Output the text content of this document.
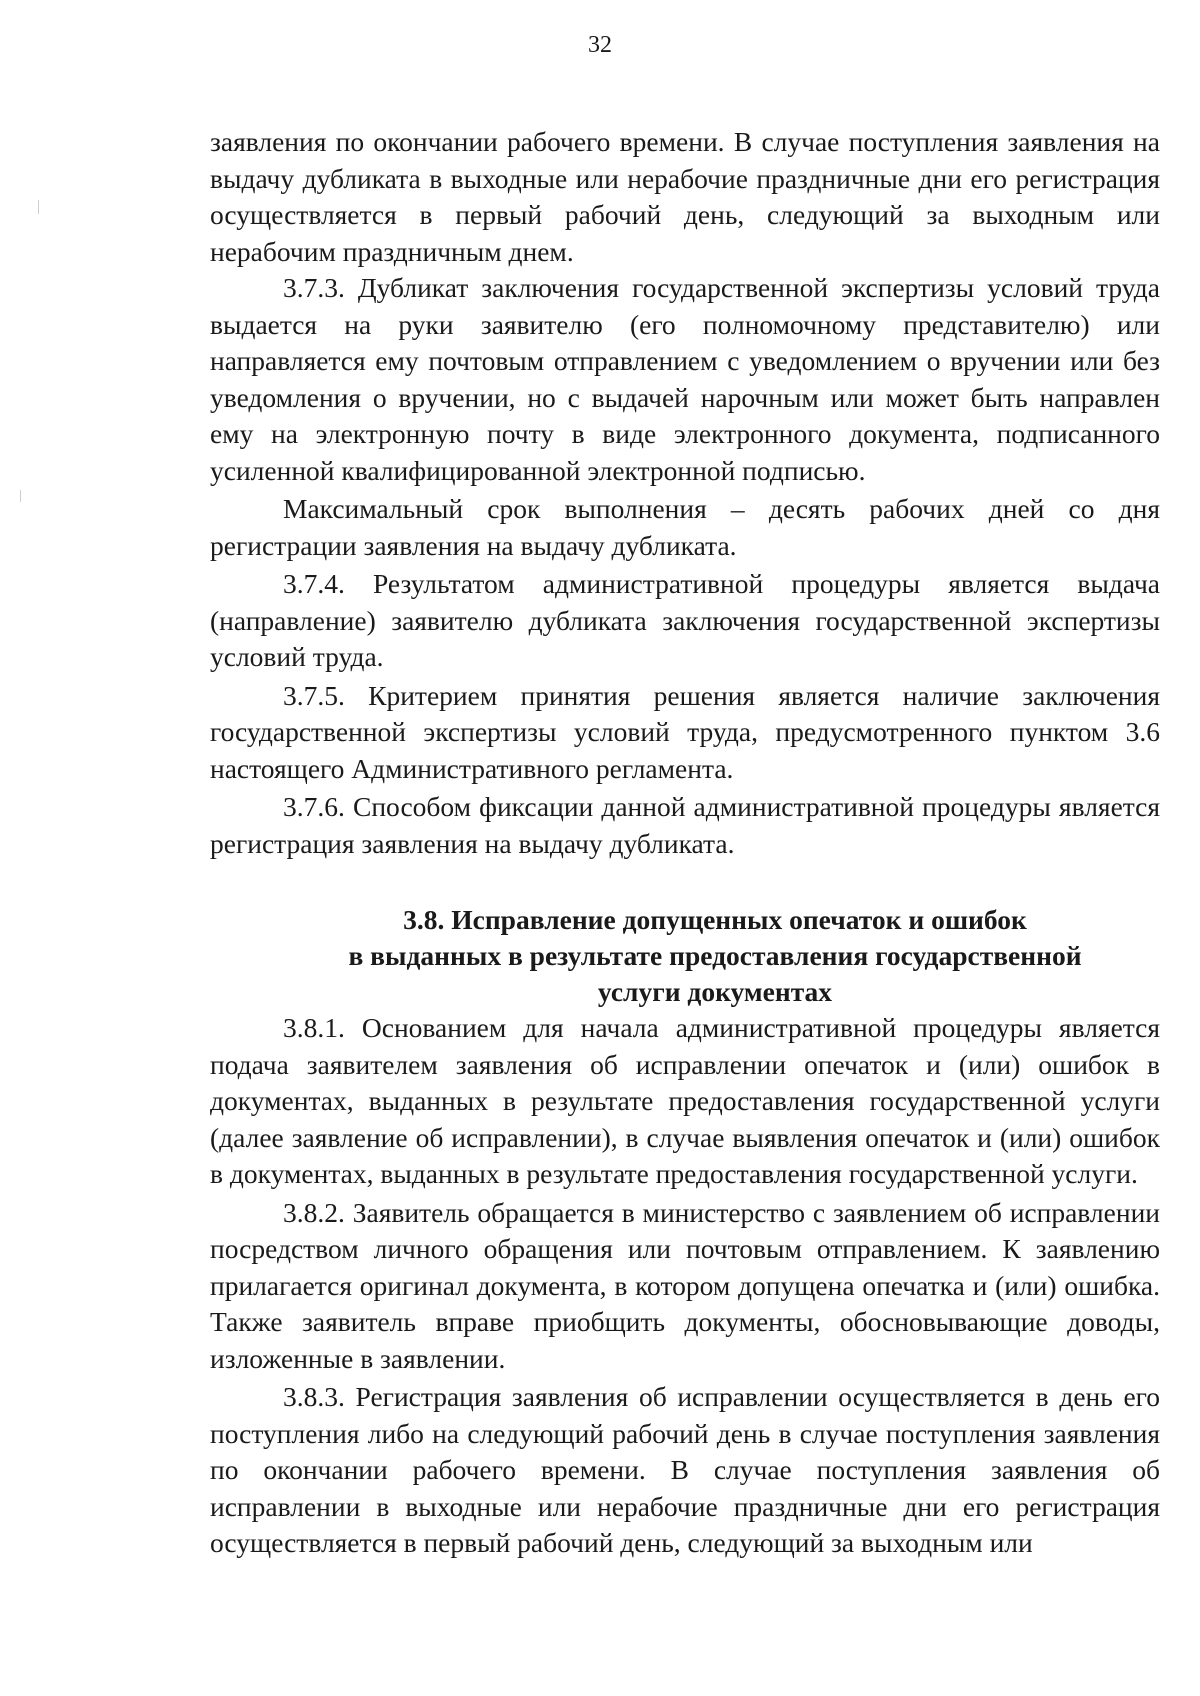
32

заявления по окончании рабочего времени. В случае поступления заявления на выдачу дубликата в выходные или нерабочие праздничные дни его регистрация осуществляется в первый рабочий день, следующий за выходным или нерабочим праздничным днем.

3.7.3. Дубликат заключения государственной экспертизы условий труда выдается на руки заявителю (его полномочному представителю) или направляется ему почтовым отправлением с уведомлением о вручении или без уведомления о вручении, но с выдачей нарочным или может быть направлен ему на электронную почту в виде электронного документа, подписанного усиленной квалифицированной электронной подписью.

Максимальный срок выполнения – десять рабочих дней со дня регистрации заявления на выдачу дубликата.

3.7.4. Результатом административной процедуры является выдача (направление) заявителю дубликата заключения государственной экспертизы условий труда.

3.7.5. Критерием принятия решения является наличие заключения государственной экспертизы условий труда, предусмотренного пунктом 3.6 настоящего Административного регламента.

3.7.6. Способом фиксации данной административной процедуры является регистрация заявления на выдачу дубликата.

3.8. Исправление допущенных опечаток и ошибок
в выданных в результате предоставления государственной
услуги документах

3.8.1. Основанием для начала административной процедуры является подача заявителем заявления об исправлении опечаток и (или) ошибок в документах, выданных в результате предоставления государственной услуги (далее заявление об исправлении), в случае выявления опечаток и (или) ошибок в документах, выданных в результате предоставления государственной услуги.

3.8.2. Заявитель обращается в министерство с заявлением об исправлении посредством личного обращения или почтовым отправлением. К заявлению прилагается оригинал документа, в котором допущена опечатка и (или) ошибка. Также заявитель вправе приобщить документы, обосновывающие доводы, изложенные в заявлении.

3.8.3. Регистрация заявления об исправлении осуществляется в день его поступления либо на следующий рабочий день в случае поступления заявления по окончании рабочего времени. В случае поступления заявления об исправлении в выходные или нерабочие праздничные дни его регистрация осуществляется в первый рабочий день, следующий за выходным или
